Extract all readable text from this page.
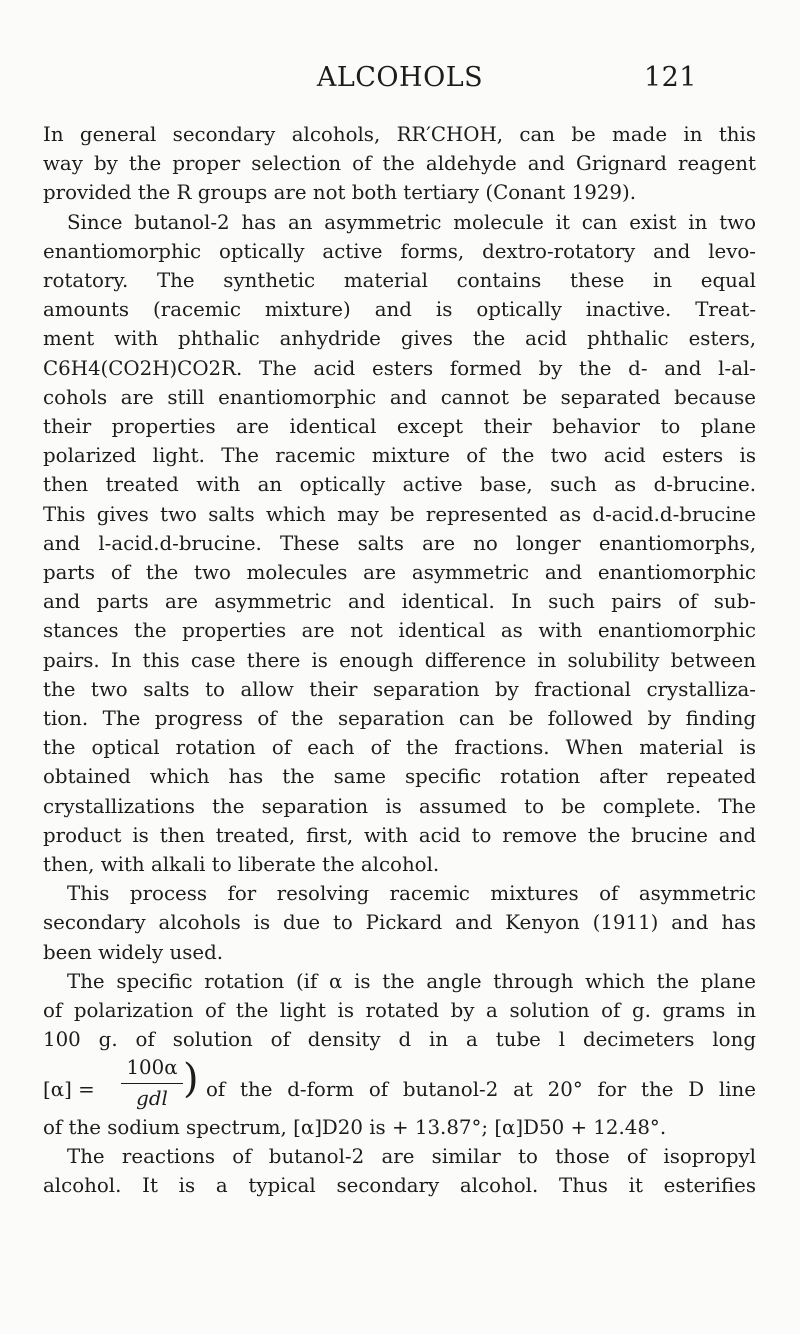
ALCOHOLS	121
In general secondary alcohols, RR′CHOH, can be made in this
way by the proper selection of the aldehyde and Grignard reagent
provided the R groups are not both tertiary (Conant 1929).
Since butanol-2 has an asymmetric molecule it can exist in two
enantiomorphic optically active forms, dextro-rotatory and levo-
rotatory. The synthetic material contains these in equal
amounts (racemic mixture) and is optically inactive. Treat-
ment with phthalic anhydride gives the acid phthalic esters,
C6H4(CO2H)CO2R. The acid esters formed by the d- and l-al-
cohols are still enantiomorphic and cannot be separated because
their properties are identical except their behavior to plane
polarized light. The racemic mixture of the two acid esters is
then treated with an optically active base, such as d-brucine.
This gives two salts which may be represented as d-acid.d-brucine
and l-acid.d-brucine. These salts are no longer enantiomorphs,
parts of the two molecules are asymmetric and enantiomorphic
and parts are asymmetric and identical. In such pairs of sub-
stances the properties are not identical as with enantiomorphic
pairs. In this case there is enough difference in solubility between
the two salts to allow their separation by fractional crystalliza-
tion. The progress of the separation can be followed by finding
the optical rotation of each of the fractions. When material is
obtained which has the same specific rotation after repeated
crystallizations the separation is assumed to be complete. The
product is then treated, first, with acid to remove the brucine and
then, with alkali to liberate the alcohol.
This process for resolving racemic mixtures of asymmetric
secondary alcohols is due to Pickard and Kenyon (1911) and has
been widely used.
The specific rotation (if α is the angle through which the plane
of polarization of the light is rotated by a solution of g. grams in
100 g. of solution of density d in a tube l decimeters long
[α] =
100α
gdl ) of the d-form of butanol-2 at 20° for the D line
of the sodium spectrum, [α]D20 is + 13.87°; [α]D50 + 12.48°.
The reactions of butanol-2 are similar to those of isopropyl
alcohol. It is a typical secondary alcohol. Thus it esterifies
